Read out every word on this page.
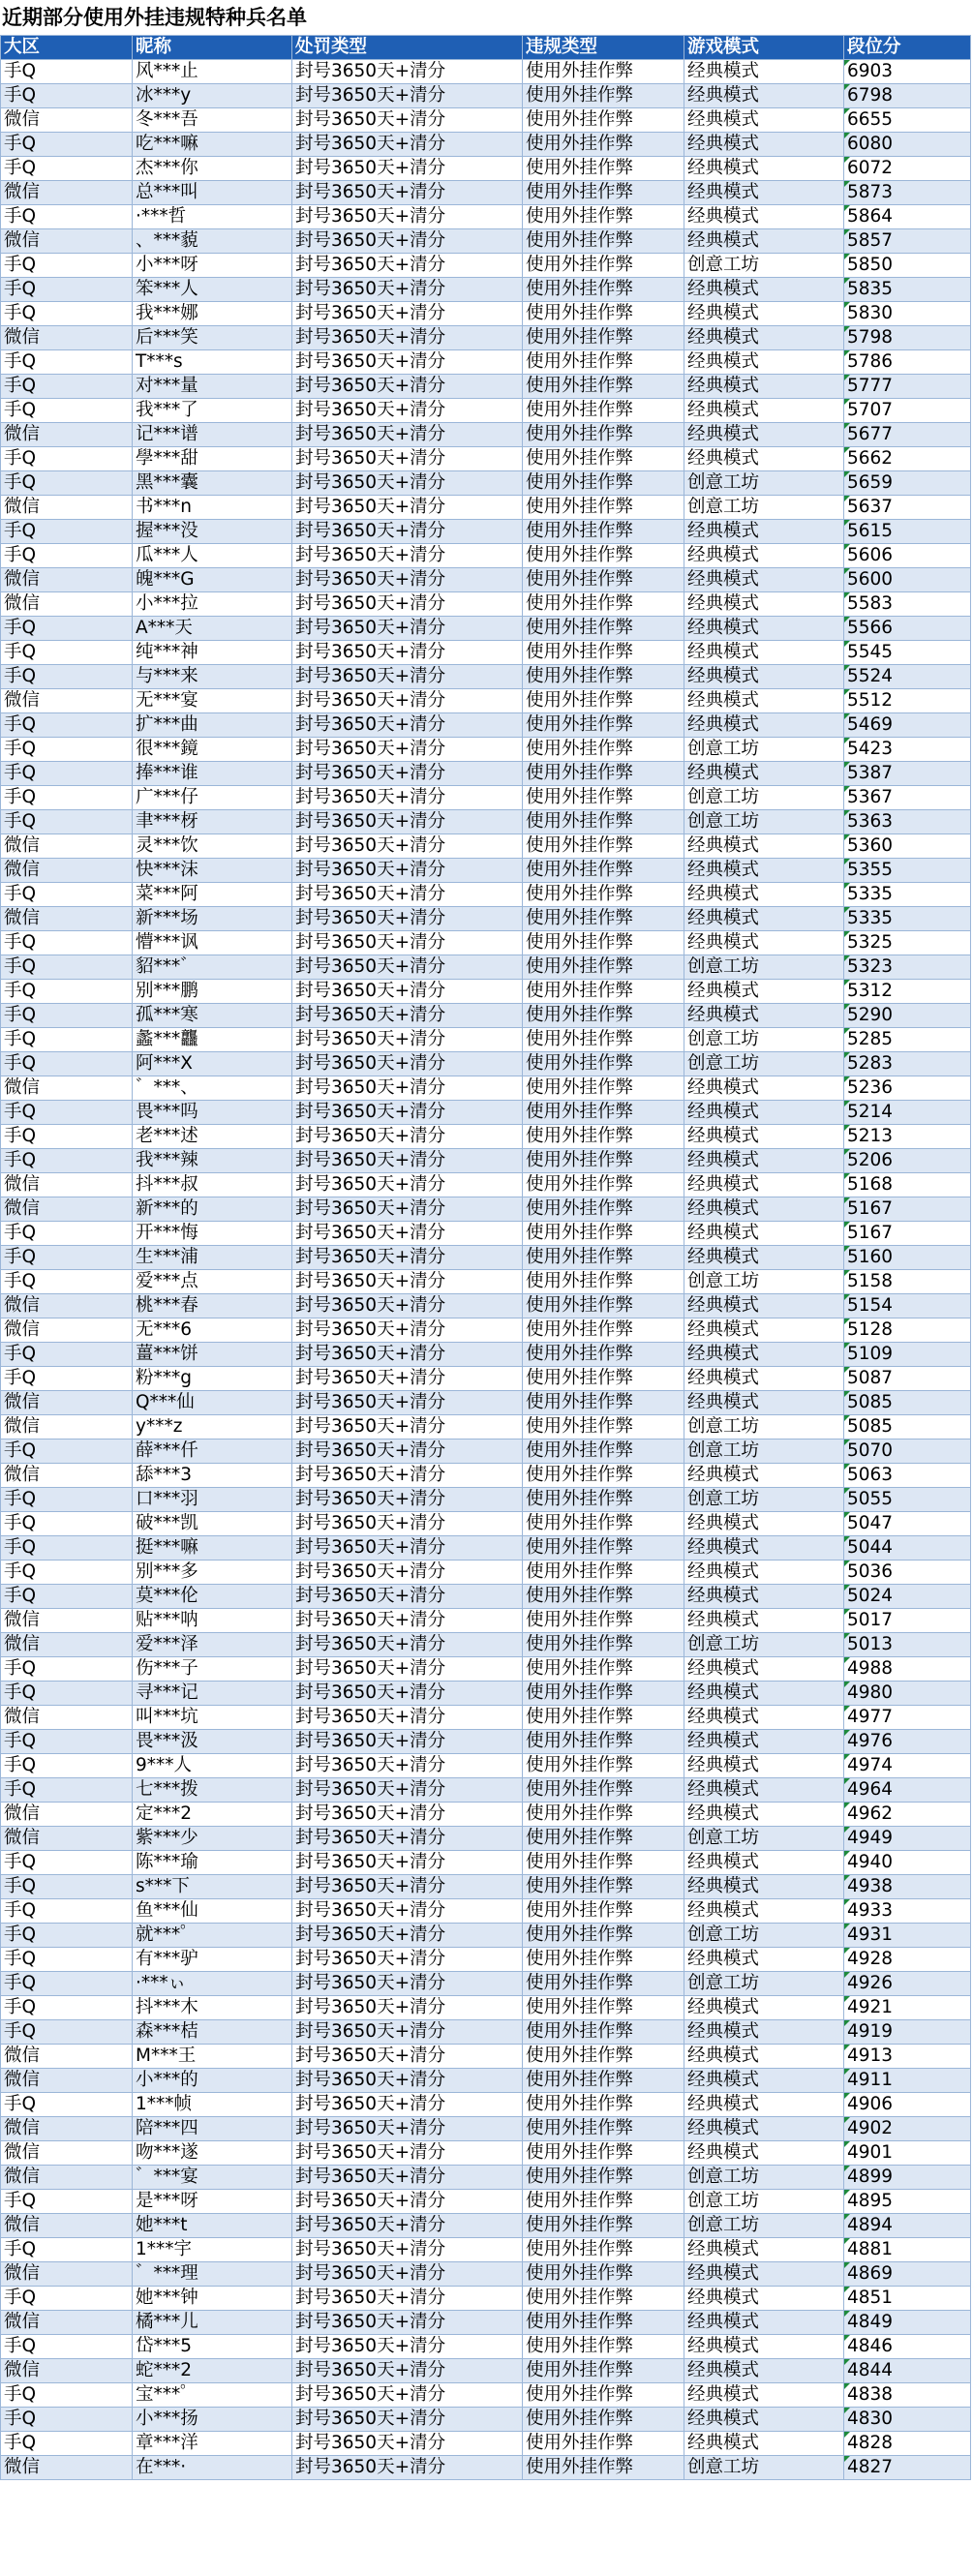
近期部分使用外挂违规特种兵名单
大区	昵称	处罚类型	违规类型	游戏模式	段位分
手Q	风***止	封号3650天+清分	使用外挂作弊	经典模式	6903
手Q	冰***y	封号3650天+清分	使用外挂作弊	经典模式	6798
微信	冬***吾	封号3650天+清分	使用外挂作弊	经典模式	6655
手Q	吃***嘛	封号3650天+清分	使用外挂作弊	经典模式	6080
手Q	杰***你	封号3650天+清分	使用外挂作弊	经典模式	6072
微信	总***叫	封号3650天+清分	使用外挂作弊	经典模式	5873
手Q	·***哲	封号3650天+清分	使用外挂作弊	经典模式	5864
微信	、***藐	封号3650天+清分	使用外挂作弊	经典模式	5857
手Q	小***呀	封号3650天+清分	使用外挂作弊	创意工坊	5850
手Q	笨***人	封号3650天+清分	使用外挂作弊	经典模式	5835
手Q	我***娜	封号3650天+清分	使用外挂作弊	经典模式	5830
微信	后***笑	封号3650天+清分	使用外挂作弊	经典模式	5798
手Q	T***s	封号3650天+清分	使用外挂作弊	经典模式	5786
手Q	对***量	封号3650天+清分	使用外挂作弊	经典模式	5777
手Q	我***了	封号3650天+清分	使用外挂作弊	经典模式	5707
微信	记***谱	封号3650天+清分	使用外挂作弊	经典模式	5677
手Q	學***甜	封号3650天+清分	使用外挂作弊	经典模式	5662
手Q	黑***囊	封号3650天+清分	使用外挂作弊	创意工坊	5659
微信	书***n	封号3650天+清分	使用外挂作弊	创意工坊	5637
手Q	握***没	封号3650天+清分	使用外挂作弊	经典模式	5615
手Q	瓜***人	封号3650天+清分	使用外挂作弊	经典模式	5606
微信	魄***G	封号3650天+清分	使用外挂作弊	经典模式	5600
微信	小***拉	封号3650天+清分	使用外挂作弊	经典模式	5583
手Q	A***天	封号3650天+清分	使用外挂作弊	经典模式	5566
手Q	纯***神	封号3650天+清分	使用外挂作弊	经典模式	5545
手Q	与***来	封号3650天+清分	使用外挂作弊	经典模式	5524
微信	无***宴	封号3650天+清分	使用外挂作弊	经典模式	5512
手Q	扩***曲	封号3650天+清分	使用外挂作弊	经典模式	5469
手Q	很***鏡	封号3650天+清分	使用外挂作弊	创意工坊	5423
手Q	捧***谁	封号3650天+清分	使用外挂作弊	经典模式	5387
手Q	广***仔	封号3650天+清分	使用外挂作弊	创意工坊	5367
手Q	聿***枒	封号3650天+清分	使用外挂作弊	创意工坊	5363
微信	灵***饮	封号3650天+清分	使用外挂作弊	经典模式	5360
微信	快***沫	封号3650天+清分	使用外挂作弊	经典模式	5355
手Q	菜***阿	封号3650天+清分	使用外挂作弊	经典模式	5335
微信	新***场	封号3650天+清分	使用外挂作弊	经典模式	5335
手Q	懵***讽	封号3650天+清分	使用外挂作弊	经典模式	5325
手Q	貂***゛	封号3650天+清分	使用外挂作弊	创意工坊	5323
手Q	别***鹏	封号3650天+清分	使用外挂作弊	经典模式	5312
手Q	孤***寒	封号3650天+清分	使用外挂作弊	经典模式	5290
手Q	蠡***龘	封号3650天+清分	使用外挂作弊	创意工坊	5285
手Q	阿***X	封号3650天+清分	使用外挂作弊	创意工坊	5283
微信	゛***、	封号3650天+清分	使用外挂作弊	经典模式	5236
手Q	畏***吗	封号3650天+清分	使用外挂作弊	经典模式	5214
手Q	老***述	封号3650天+清分	使用外挂作弊	经典模式	5213
手Q	我***辣	封号3650天+清分	使用外挂作弊	经典模式	5206
微信	抖***叔	封号3650天+清分	使用外挂作弊	经典模式	5168
微信	新***的	封号3650天+清分	使用外挂作弊	经典模式	5167
手Q	开***悔	封号3650天+清分	使用外挂作弊	经典模式	5167
手Q	生***浦	封号3650天+清分	使用外挂作弊	经典模式	5160
手Q	爱***点	封号3650天+清分	使用外挂作弊	创意工坊	5158
微信	桃***春	封号3650天+清分	使用外挂作弊	经典模式	5154
微信	无***6	封号3650天+清分	使用外挂作弊	经典模式	5128
手Q	薑***饼	封号3650天+清分	使用外挂作弊	经典模式	5109
手Q	粉***g	封号3650天+清分	使用外挂作弊	经典模式	5087
微信	Q***仙	封号3650天+清分	使用外挂作弊	经典模式	5085
微信	y***z	封号3650天+清分	使用外挂作弊	创意工坊	5085
手Q	薛***仟	封号3650天+清分	使用外挂作弊	创意工坊	5070
微信	舔***3	封号3650天+清分	使用外挂作弊	经典模式	5063
手Q	口***羽	封号3650天+清分	使用外挂作弊	创意工坊	5055
手Q	破***凯	封号3650天+清分	使用外挂作弊	经典模式	5047
手Q	挺***嘛	封号3650天+清分	使用外挂作弊	经典模式	5044
手Q	别***多	封号3650天+清分	使用外挂作弊	经典模式	5036
手Q	莫***伦	封号3650天+清分	使用外挂作弊	经典模式	5024
微信	贴***呐	封号3650天+清分	使用外挂作弊	经典模式	5017
微信	爱***泽	封号3650天+清分	使用外挂作弊	创意工坊	5013
手Q	伤***子	封号3650天+清分	使用外挂作弊	经典模式	4988
手Q	寻***记	封号3650天+清分	使用外挂作弊	经典模式	4980
微信	叫***坑	封号3650天+清分	使用外挂作弊	经典模式	4977
手Q	畏***汲	封号3650天+清分	使用外挂作弊	经典模式	4976
手Q	9***人	封号3650天+清分	使用外挂作弊	经典模式	4974
手Q	七***拨	封号3650天+清分	使用外挂作弊	经典模式	4964
微信	定***2	封号3650天+清分	使用外挂作弊	经典模式	4962
微信	紫***少	封号3650天+清分	使用外挂作弊	创意工坊	4949
手Q	陈***瑜	封号3650天+清分	使用外挂作弊	经典模式	4940
手Q	s***下	封号3650天+清分	使用外挂作弊	经典模式	4938
手Q	鱼***仙	封号3650天+清分	使用外挂作弊	经典模式	4933
手Q	就***゜	封号3650天+清分	使用外挂作弊	创意工坊	4931
手Q	有***驴	封号3650天+清分	使用外挂作弊	经典模式	4928
手Q	·***ぃ	封号3650天+清分	使用外挂作弊	创意工坊	4926
手Q	抖***木	封号3650天+清分	使用外挂作弊	经典模式	4921
手Q	森***桔	封号3650天+清分	使用外挂作弊	经典模式	4919
微信	M***王	封号3650天+清分	使用外挂作弊	经典模式	4913
微信	小***的	封号3650天+清分	使用外挂作弊	经典模式	4911
手Q	1***帧	封号3650天+清分	使用外挂作弊	经典模式	4906
微信	陪***四	封号3650天+清分	使用外挂作弊	经典模式	4902
微信	吻***遂	封号3650天+清分	使用外挂作弊	经典模式	4901
微信	゛***宴	封号3650天+清分	使用外挂作弊	创意工坊	4899
手Q	是***呀	封号3650天+清分	使用外挂作弊	创意工坊	4895
微信	她***t	封号3650天+清分	使用外挂作弊	创意工坊	4894
手Q	1***宇	封号3650天+清分	使用外挂作弊	经典模式	4881
微信	゛***理	封号3650天+清分	使用外挂作弊	经典模式	4869
手Q	她***钟	封号3650天+清分	使用外挂作弊	经典模式	4851
微信	橘***儿	封号3650天+清分	使用外挂作弊	经典模式	4849
手Q	岱***5	封号3650天+清分	使用外挂作弊	经典模式	4846
微信	蛇***2	封号3650天+清分	使用外挂作弊	经典模式	4844
手Q	宝***゜	封号3650天+清分	使用外挂作弊	经典模式	4838
手Q	小***扬	封号3650天+清分	使用外挂作弊	经典模式	4830
手Q	章***洋	封号3650天+清分	使用外挂作弊	经典模式	4828
微信	在***·	封号3650天+清分	使用外挂作弊	创意工坊	4827
